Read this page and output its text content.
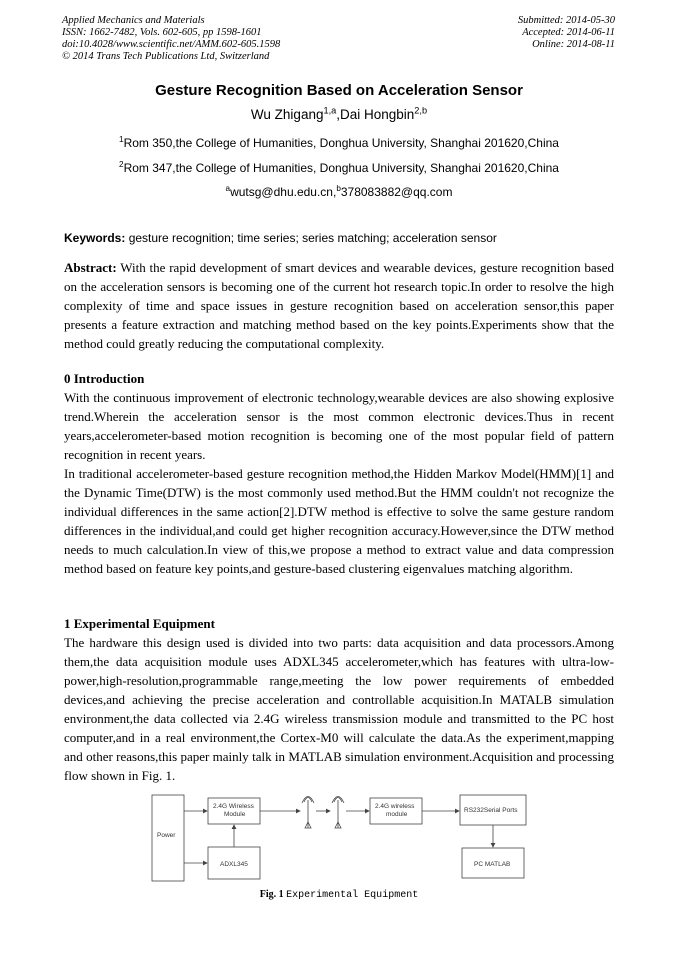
Applied Mechanics and Materials
ISSN: 1662-7482, Vols. 602-605, pp 1598-1601
doi:10.4028/www.scientific.net/AMM.602-605.1598
© 2014 Trans Tech Publications Ltd, Switzerland
Submitted: 2014-05-30
Accepted: 2014-06-11
Online: 2014-08-11
Gesture Recognition Based on Acceleration Sensor
Wu Zhigang$^{1,a}$,Dai Hongbin$^{2,b}$
$^1$Rom 350,the College of Humanities, Donghua University, Shanghai 201620,China
$^2$Rom 347,the College of Humanities, Donghua University, Shanghai 201620,China
$^a$wutsg@dhu.edu.cn,$^b$378083882@qq.com
Keywords: gesture recognition; time series; series matching; acceleration sensor
Abstract: With the rapid development of smart devices and wearable devices, gesture recognition based on the acceleration sensors is becoming one of the current hot research topic.In order to resolve the high complexity of time and space issues in gesture recognition based on acceleration sensor,this paper presents a feature extraction and matching method based on the key points.Experiments show that the method could greatly reducing the computational complexity.
0 Introduction
With the continuous improvement of electronic technology,wearable devices are also showing explosive trend.Wherein the acceleration sensor is the most common electronic devices.Thus in recent years,accelerometer-based motion recognition is becoming one of the most popular field of pattern recognition in recent years.
In traditional accelerometer-based gesture recognition method,the Hidden Markov Model(HMM)[1] and the Dynamic Time(DTW) is the most commonly used method.But the HMM couldn't not recognize the individual differences in the same action[2].DTW method is effective to solve the same gesture random differences in the individual,and could get higher recognition accuracy.However,since the DTW method needs to much calculation.In view of this,we propose a method to extract value and data compression method based on feature key points,and gesture-based clustering eigenvalues matching algorithm.
1 Experimental Equipment
The hardware this design used is divided into two parts: data acquisition and data processors.Among them,the data acquisition module uses ADXL345 accelerometer,which has features with ultra-low-power,high-resolution,programmable range,meeting the low power requirements of embedded devices,and achieving the precise acceleration and controllable acquisition.In MATALB simulation environment,the data collected via 2.4G wireless transmission module and transmitted to the PC host computer,and in a real environment,the Cortex-M0 will calculate the data.As the experiment,mapping and other reasons,this paper mainly talk in MATLAB simulation environment.Acquisition and processing flow shown in Fig. 1.
Power
2.4G Wireless
Module
ADXL345
2.4G wireless
module
RS232Serial Ports
PC MATLAB
Fig. 1 Experimental Equipment
